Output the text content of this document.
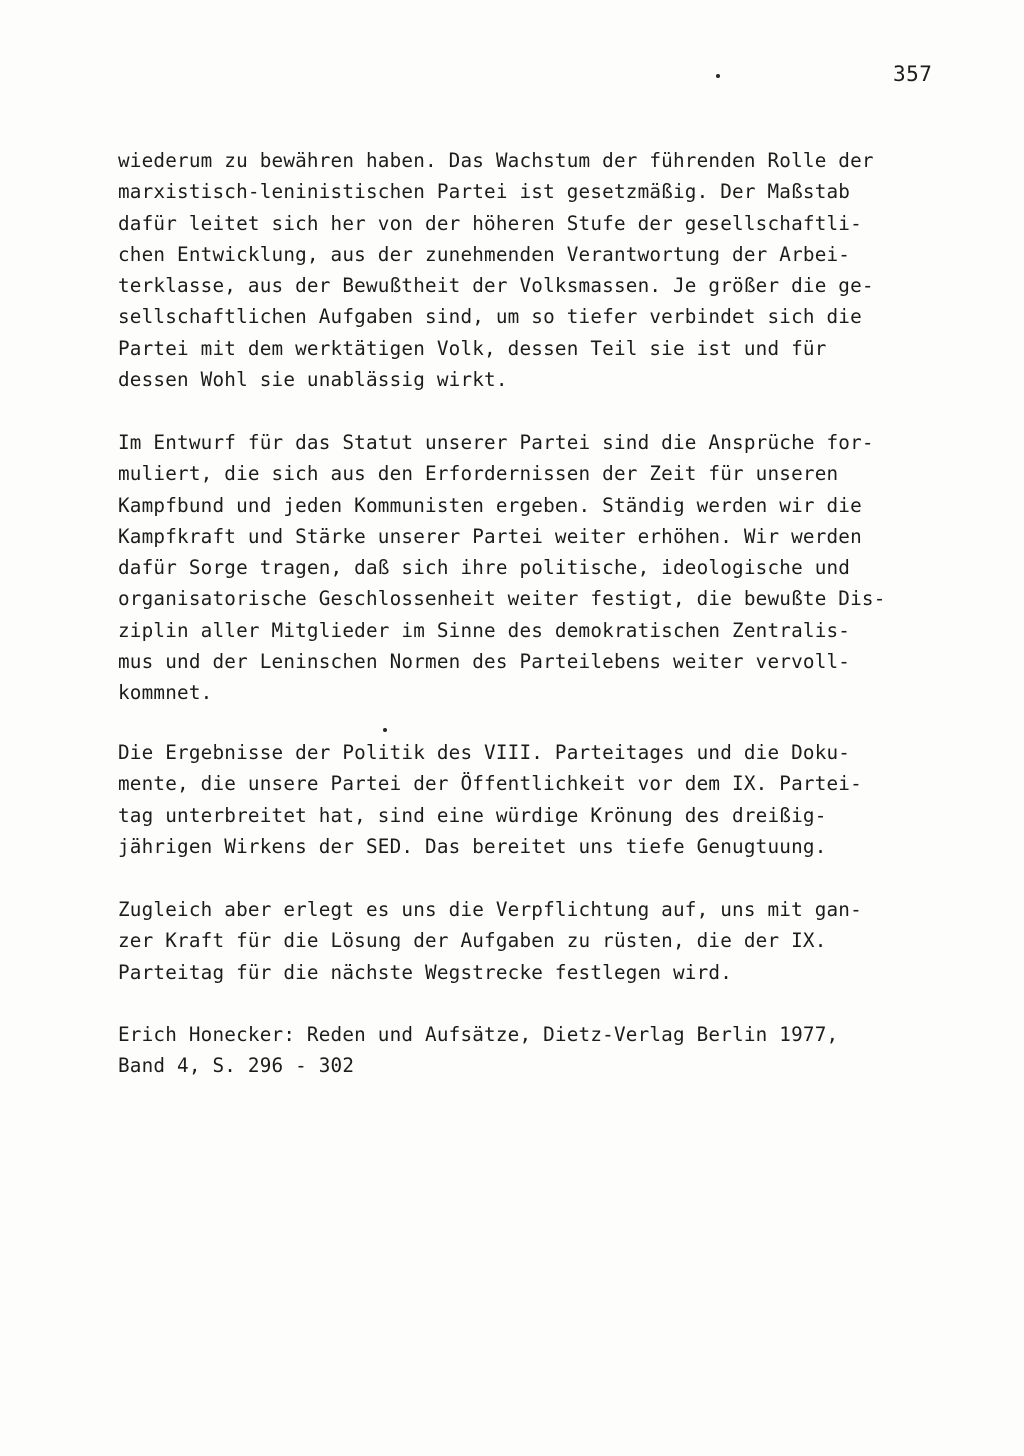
357
wiederum zu bewähren haben. Das Wachstum der führenden Rolle der
marxistisch-leninistischen Partei ist gesetzmäßig. Der Maßstab
dafür leitet sich her von der höheren Stufe der gesellschaftli-
chen Entwicklung, aus der zunehmenden Verantwortung der Arbei-
terklasse, aus der Bewußtheit der Volksmassen. Je größer die ge-
sellschaftlichen Aufgaben sind, um so tiefer verbindet sich die
Partei mit dem werktätigen Volk, dessen Teil sie ist und für
dessen Wohl sie unablässig wirkt.
Im Entwurf für das Statut unserer Partei sind die Ansprüche for-
muliert, die sich aus den Erfordernissen der Zeit für unseren
Kampfbund und jeden Kommunisten ergeben. Ständig werden wir die
Kampfkraft und Stärke unserer Partei weiter erhöhen. Wir werden
dafür Sorge tragen, daß sich ihre politische, ideologische und
organisatorische Geschlossenheit weiter festigt, die bewußte Dis-
ziplin aller Mitglieder im Sinne des demokratischen Zentralis-
mus und der Leninschen Normen des Parteilebens weiter vervoll-
kommnet.
Die Ergebnisse der Politik des VIII. Parteitages und die Doku-
mente, die unsere Partei der Öffentlichkeit vor dem IX. Partei-
tag unterbreitet hat, sind eine würdige Krönung des dreißig-
jährigen Wirkens der SED. Das bereitet uns tiefe Genugtuung.
Zugleich aber erlegt es uns die Verpflichtung auf, uns mit gan-
zer Kraft für die Lösung der Aufgaben zu rüsten, die der IX.
Parteitag für die nächste Wegstrecke festlegen wird.
Erich Honecker: Reden und Aufsätze, Dietz-Verlag Berlin 1977,
Band 4, S. 296 - 302
